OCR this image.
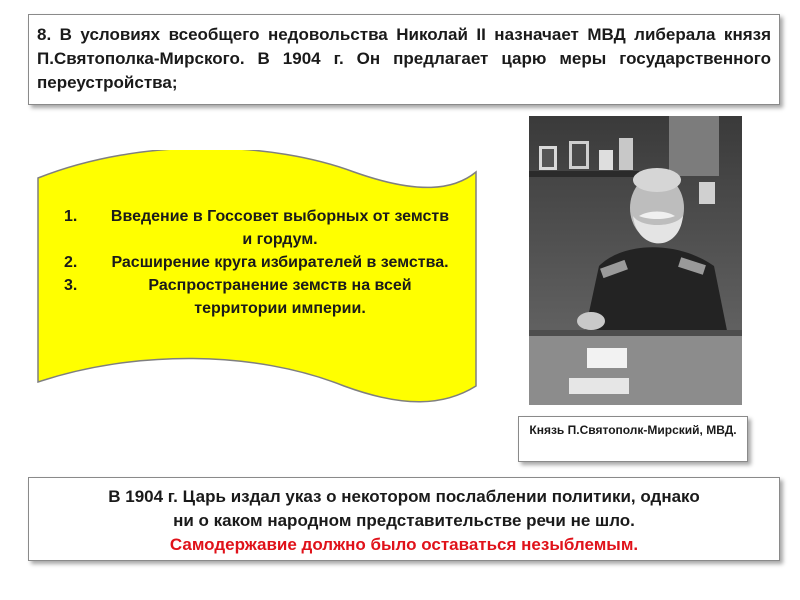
8. В условиях всеобщего недовольства Николай II назначает МВД либерала князя П.Святополка-Мирского. В 1904 г. Он предлагает царю меры государственного переустройства;

1. Введение в Госсовет выборных от земств и гордум.
2. Расширение круга избирателей в земства.
3.	Распространение земств на всей территории империи.
Князь П.Святополк-Мирский, МВД.
В 1904 г. Царь издал указ о некотором послаблении политики, однако
ни о каком народном представительстве речи не шло.
Самодержавие должно было оставаться незыблемым.
